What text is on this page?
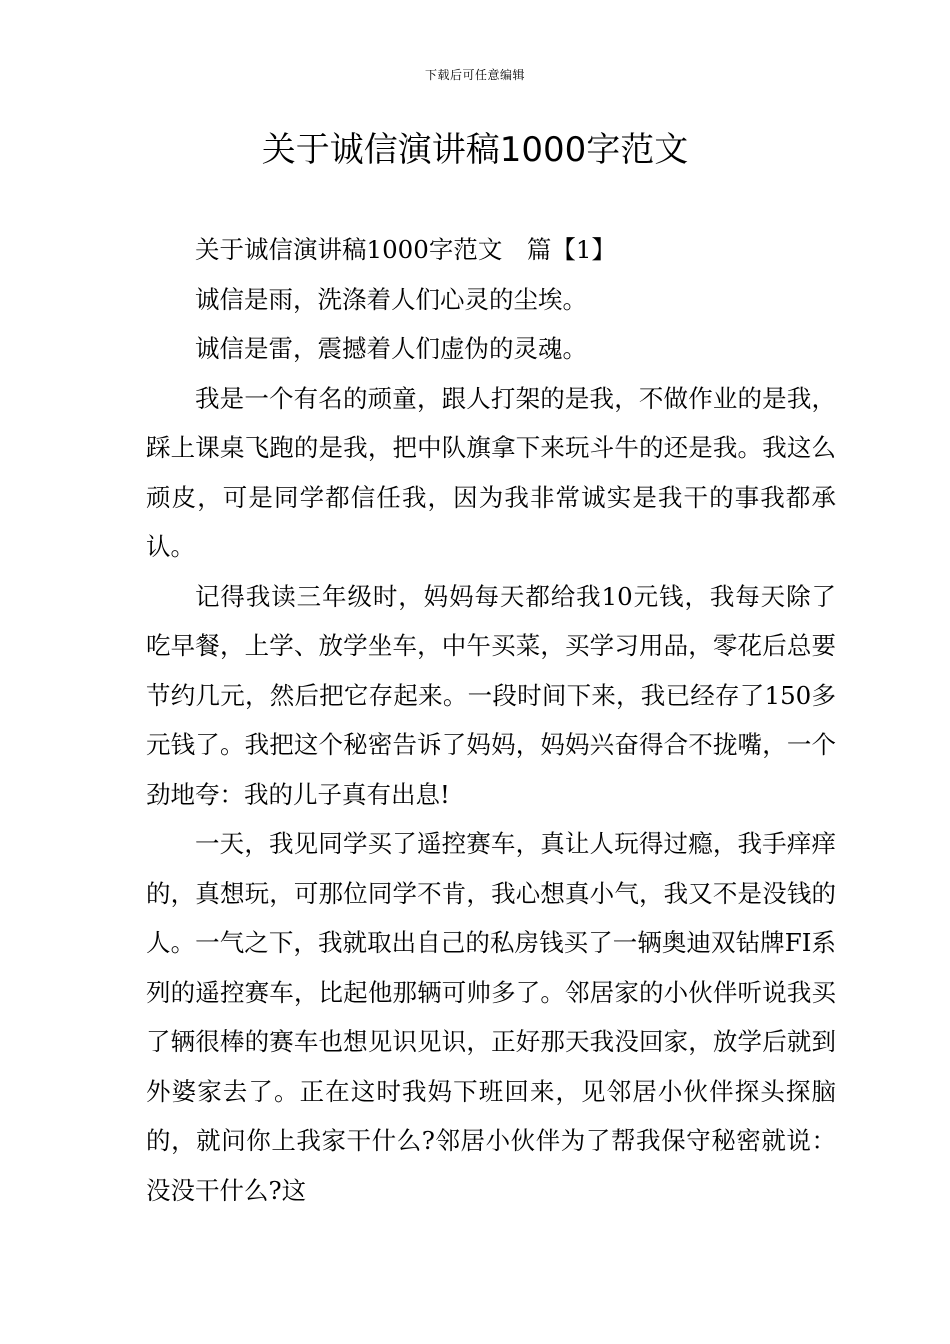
下载后可任意编辑
关于诚信演讲稿1000字范文
关于诚信演讲稿1000字范文　篇【1】

诚信是雨，洗涤着人们心灵的尘埃。

诚信是雷，震撼着人们虚伪的灵魂。

我是一个有名的顽童，跟人打架的是我，不做作业的是我，踩上课桌飞跑的是我，把中队旗拿下来玩斗牛的还是我。我这么顽皮，可是同学都信任我，因为我非常诚实是我干的事我都承认。

记得我读三年级时，妈妈每天都给我10元钱，我每天除了吃早餐，上学、放学坐车，中午买菜，买学习用品，零花后总要节约几元，然后把它存起来。一段时间下来，我已经存了150多元钱了。我把这个秘密告诉了妈妈，妈妈兴奋得合不拢嘴，一个劲地夸：我的儿子真有出息!

一天，我见同学买了遥控赛车，真让人玩得过瘾，我手痒痒的，真想玩，可那位同学不肯，我心想真小气，我又不是没钱的人。一气之下，我就取出自己的私房钱买了一辆奥迪双钻牌FI系列的遥控赛车，比起他那辆可帅多了。邻居家的小伙伴听说我买了辆很棒的赛车也想见识见识，正好那天我没回家，放学后就到外婆家去了。正在这时我妈下班回来，见邻居小伙伴探头探脑的，就问你上我家干什么?邻居小伙伴为了帮我保守秘密就说：没没干什么?这
